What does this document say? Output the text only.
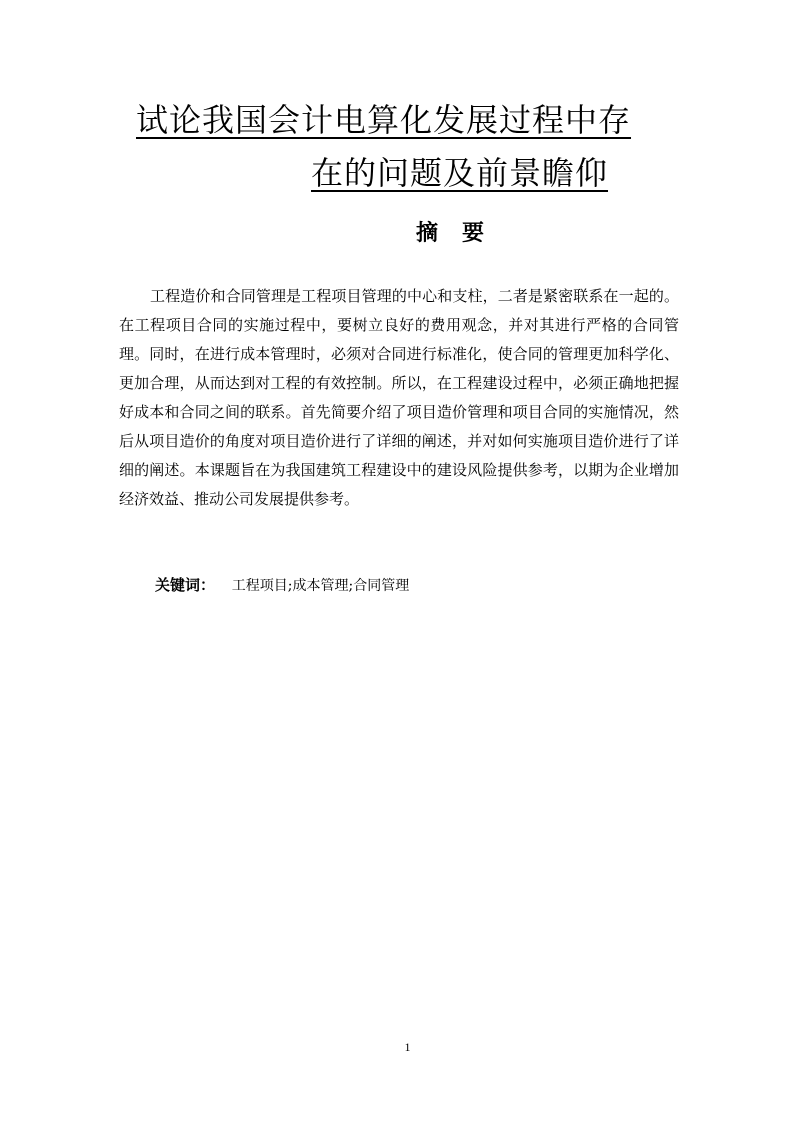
试论我国会计电算化发展过程中存
在的问题及前景瞻仰
摘要

工程造价和合同管理是工程项目管理的中心和支柱，二者是紧密联系在一起的。在工程项目合同的实施过程中，要树立良好的费用观念，并对其进行严格的合同管理。同时，在进行成本管理时，必须对合同进行标准化，使合同的管理更加科学化、更加合理，从而达到对工程的有效控制。所以，在工程建设过程中，必须正确地把握好成本和合同之间的联系。首先简要介绍了项目造价管理和项目合同的实施情况，然后从项目造价的角度对项目造价进行了详细的阐述，并对如何实施项目造价进行了详细的阐述。本课题旨在为我国建筑工程建设中的建设风险提供参考，以期为企业增加经济效益、推动公司发展提供参考。

关键词： 工程项目;成本管理;合同管理
1
